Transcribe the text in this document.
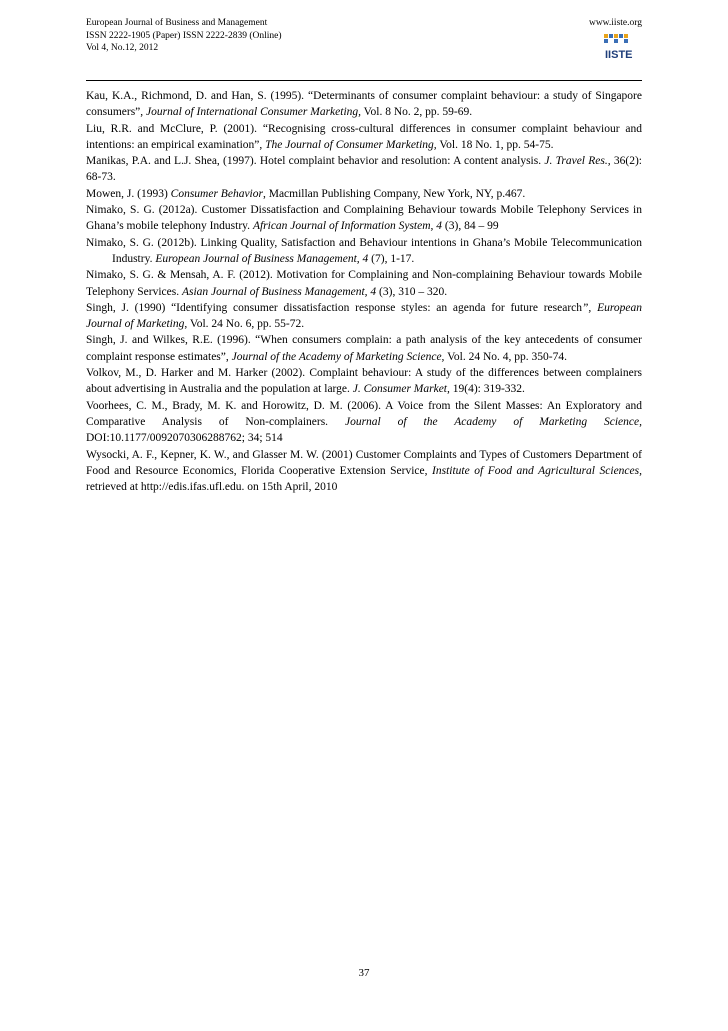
European Journal of Business and Management
ISSN 2222-1905 (Paper) ISSN 2222-2839 (Online)
Vol 4, No.12, 2012
www.iiste.org
IISTE

Kau, K.A., Richmond, D. and Han, S. (1995). “Determinants of consumer complaint behaviour: a study of Singapore consumers”, Journal of International Consumer Marketing, Vol. 8 No. 2, pp. 59-69.

Liu, R.R. and McClure, P. (2001). “Recognising cross-cultural differences in consumer complaint behaviour and intentions: an empirical examination”, The Journal of Consumer Marketing, Vol. 18 No. 1, pp. 54-75.

Manikas, P.A. and L.J. Shea, (1997). Hotel complaint behavior and resolution: A content analysis. J. Travel Res., 36(2): 68-73.

Mowen, J. (1993) Consumer Behavior, Macmillan Publishing Company, New York, NY, p.467.

Nimako, S. G. (2012a). Customer Dissatisfaction and Complaining Behaviour towards Mobile Telephony Services in Ghana’s mobile telephony Industry. African Journal of Information System, 4 (3), 84 – 99

Nimako, S. G. (2012b). Linking Quality, Satisfaction and Behaviour intentions in Ghana’s Mobile Telecommunication Industry. European Journal of Business Management, 4 (7), 1-17.

Nimako, S. G. & Mensah, A. F. (2012). Motivation for Complaining and Non-complaining Behaviour towards Mobile Telephony Services. Asian Journal of Business Management, 4 (3), 310 – 320.

Singh, J. (1990) “Identifying consumer dissatisfaction response styles: an agenda for future research”, European Journal of Marketing, Vol. 24 No. 6, pp. 55-72.

Singh, J. and Wilkes, R.E. (1996). “When consumers complain: a path analysis of the key antecedents of consumer complaint response estimates”, Journal of the Academy of Marketing Science, Vol. 24 No. 4, pp. 350-74.

Volkov, M., D. Harker and M. Harker (2002). Complaint behaviour: A study of the differences between complainers about advertising in Australia and the population at large. J. Consumer Market, 19(4): 319-332.

Voorhees, C. M., Brady, M. K. and Horowitz, D. M. (2006). A Voice from the Silent Masses: An Exploratory and Comparative Analysis of Non-complainers. Journal of the Academy of Marketing Science, DOI:10.1177/0092070306288762; 34; 514

Wysocki, A. F., Kepner, K. W., and Glasser M. W. (2001) Customer Complaints and Types of Customers Department of Food and Resource Economics, Florida Cooperative Extension Service, Institute of Food and Agricultural Sciences, retrieved at http://edis.ifas.ufl.edu. on 15th April, 2010

37
